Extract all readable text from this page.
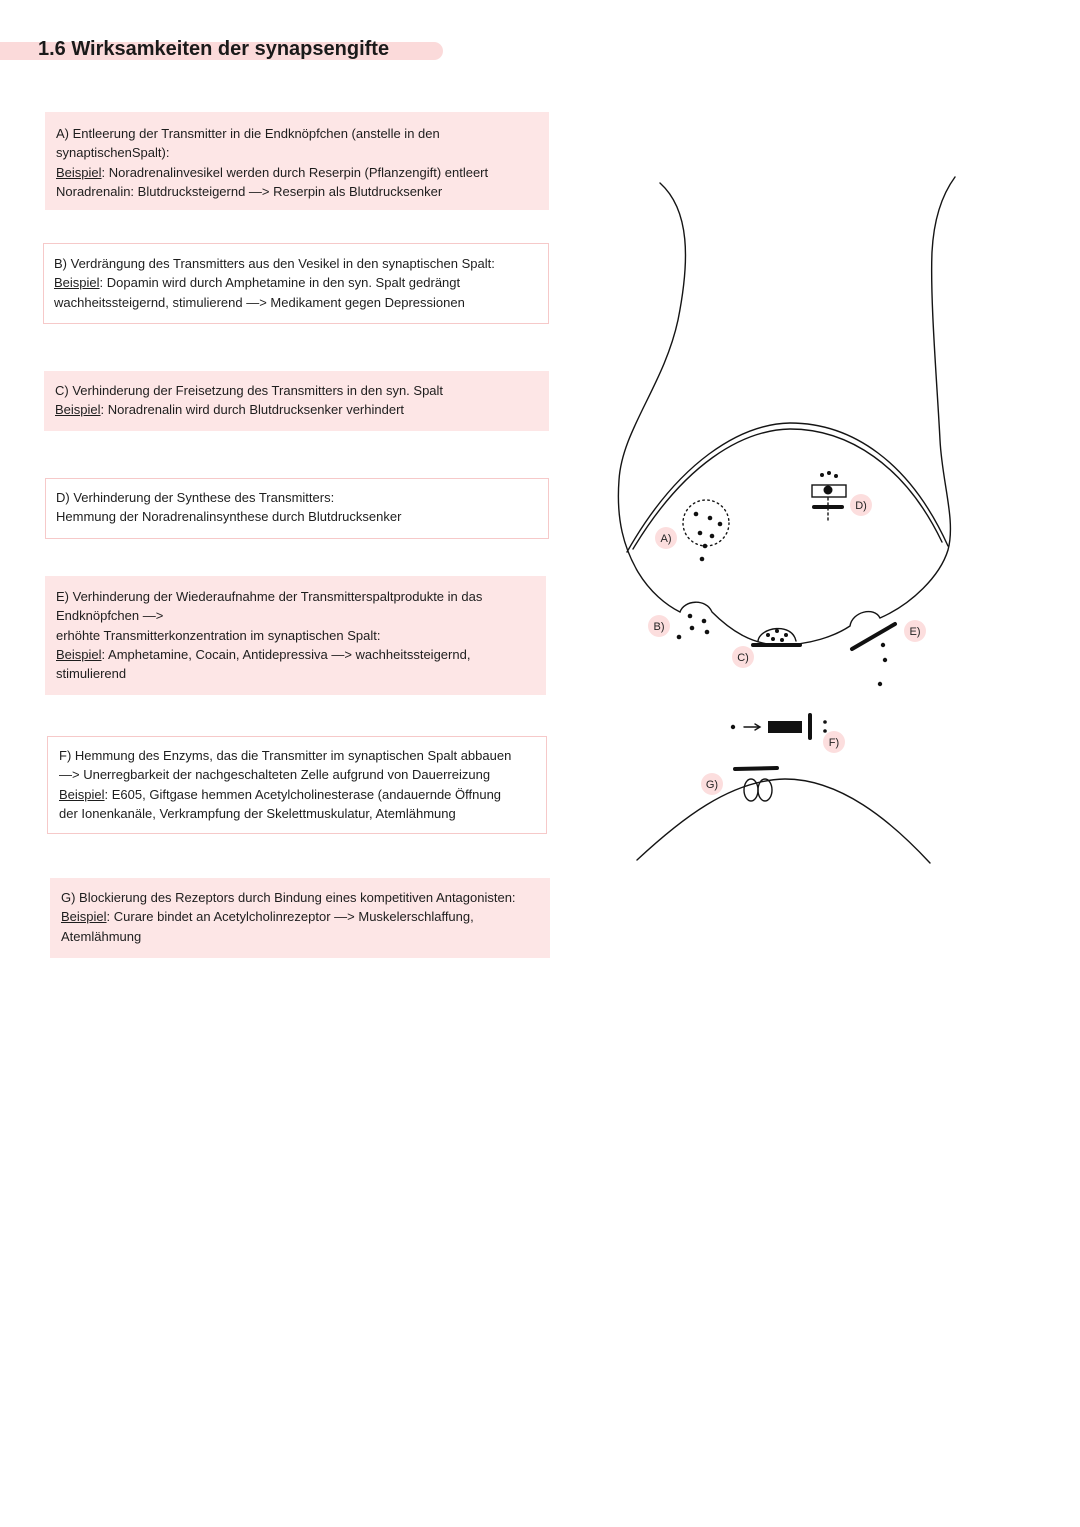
1.6 Wirksamkeiten der synapsengifte
A) Entleerung der Transmitter in die Endknöpfchen (anstelle in den
synaptischenSpalt):
Beispiel: Noradrenalinvesikel werden durch Reserpin (Pflanzengift) entleert
Noradrenalin: Blutdrucksteigernd —> Reserpin als Blutdrucksenker
B) Verdrängung des Transmitters aus den Vesikel in den synaptischen Spalt:
Beispiel: Dopamin wird durch Amphetamine in den syn. Spalt gedrängt
wachheitssteigernd, stimulierend —> Medikament gegen Depressionen
C) Verhinderung der Freisetzung des Transmitters in den syn. Spalt
Beispiel: Noradrenalin wird durch Blutdrucksenker verhindert
D) Verhinderung der Synthese des Transmitters:
Hemmung der Noradrenalinsynthese durch Blutdrucksenker
E) Verhinderung der Wiederaufnahme der Transmitterspaltprodukte in das
Endknöpfchen —>
erhöhte Transmitterkonzentration im synaptischen Spalt:
Beispiel: Amphetamine, Cocain, Antidepressiva —> wachheitssteigernd,
stimulierend
F) Hemmung des Enzyms, das die Transmitter im synaptischen Spalt abbauen
—> Unerregbarkeit der nachgeschalteten Zelle aufgrund von Dauerreizung
Beispiel: E605, Giftgase hemmen Acetylcholinesterase (andauernde Öffnung
der Ionenkanäle, Verkrampfung der Skelettmuskulatur, Atemlähmung
G) Blockierung des Rezeptors durch Bindung eines kompetitiven Antagonisten:
Beispiel: Curare bindet an Acetylcholinrezeptor —> Muskelerschlaffung,
Atemlähmung
A)
B)
C)
D)
E)
F)
G)
